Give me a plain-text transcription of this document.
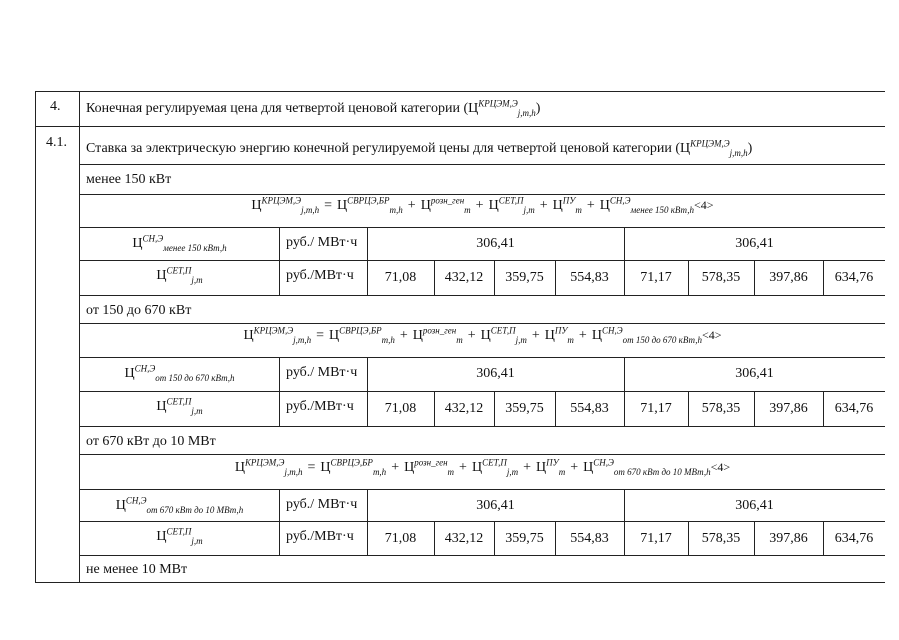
4. Конечная регулируемая цена для четвертой ценовой категории $(Ц^{КРЦЭМ,Э}_{j,m,h})$
4.1. Ставка за электрическую энергию конечной регулируемой цены для четвертой ценовой категории $(Ц^{КРЦЭМ,Э}_{j,m,h})$
менее 150 кВт
$Ц^{КРЦЭМ,Э}_{j,m,h} = Ц^{СВРЦЭ,БР}_{m,h} + Ц^{розн\_ген}_m + Ц^{СЕТ,П}_{j,m} + Ц^{ПУ}_m + Ц^{СН,Э}_{менее 150 кВт,h} <4>$
$Ц^{СН,Э}_{менее 150 кВт,h}$	руб./ МВт·ч	306,41	306,41
$Ц^{СЕТ,П}_{j,m}$	руб./МВт·ч	71,08	432,12	359,75	554,83	71,17	578,35	397,86	634,76
от 150 до 670 кВт
$Ц^{КРЦЭМ,Э}_{j,m,h} = Ц^{СВРЦЭ,БР}_{m,h} + Ц^{розн\_ген}_m + Ц^{СЕТ,П}_{j,m} + Ц^{ПУ}_m + Ц^{СН,Э}_{от 150 до 670 кВт,h} <4>$
$Ц^{СН,Э}_{от 150 до 670 кВт,h}$	руб./ МВт·ч	306,41	306,41
$Ц^{СЕТ,П}_{j,m}$	руб./МВт·ч	71,08	432,12	359,75	554,83	71,17	578,35	397,86	634,76
от 670 кВт до 10 МВт
$Ц^{КРЦЭМ,Э}_{j,m,h} = Ц^{СВРЦЭ,БР}_{m,h} + Ц^{розн\_ген}_m + Ц^{СЕТ,П}_{j,m} + Ц^{ПУ}_m + Ц^{СН,Э}_{от 670 кВт до 10 МВт,h} <4>$
$Ц^{СН,Э}_{от 670 кВт до 10 МВт,h}$	руб./ МВт·ч	306,41	306,41
$Ц^{СЕТ,П}_{j,m}$	руб./МВт·ч	71,08	432,12	359,75	554,83	71,17	578,35	397,86	634,76
не менее 10 МВт
